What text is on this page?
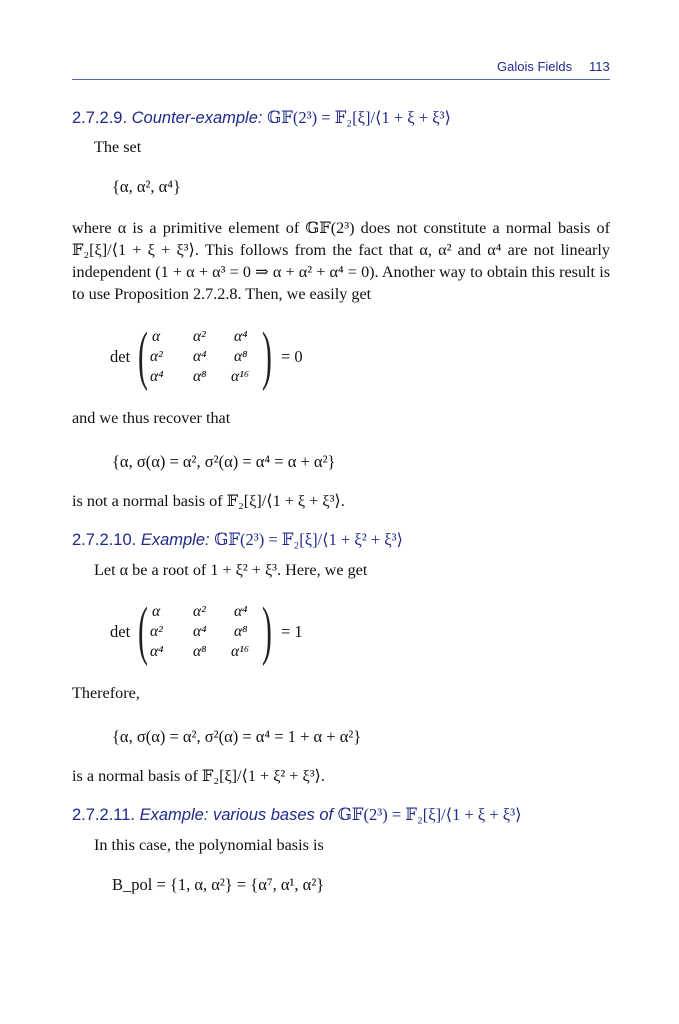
Galois Fields 113
2.7.2.9. Counter-example: 𝔾𝔽(2³) = 𝔽₂[ξ]/⟨1 + ξ + ξ³⟩
The set
{α, α², α⁴}
where α is a primitive element of 𝔾𝔽(2³) does not constitute a normal basis of 𝔽₂[ξ]/⟨1 + ξ + ξ³⟩. This follows from the fact that α, α² and α⁴ are not linearly independent (1 + α + α³ = 0 ⇒ α + α² + α⁴ = 0). Another way to obtain this result is to use Proposition 2.7.2.8. Then, we easily get
det ( )
α α² α⁴
α² α⁴ α⁸
α⁴ α⁸ α¹⁶
= 0
and we thus recover that
{α, σ(α) = α², σ²(α) = α⁴ = α + α²}
is not a normal basis of 𝔽₂[ξ]/⟨1 + ξ + ξ³⟩.
2.7.2.10. Example: 𝔾𝔽(2³) = 𝔽₂[ξ]/⟨1 + ξ² + ξ³⟩
Let α be a root of 1 + ξ² + ξ³. Here, we get
det ( )
α α² α⁴
α² α⁴ α⁸
α⁴ α⁸ α¹⁶
= 1
Therefore,
{α, σ(α) = α², σ²(α) = α⁴ = 1 + α + α²}
is a normal basis of 𝔽₂[ξ]/⟨1 + ξ² + ξ³⟩.
2.7.2.11. Example: various bases of 𝔾𝔽(2³) = 𝔽₂[ξ]/⟨1 + ξ + ξ³⟩
In this case, the polynomial basis is
B_pol = {1, α, α²} = {α⁷, α¹, α²}
